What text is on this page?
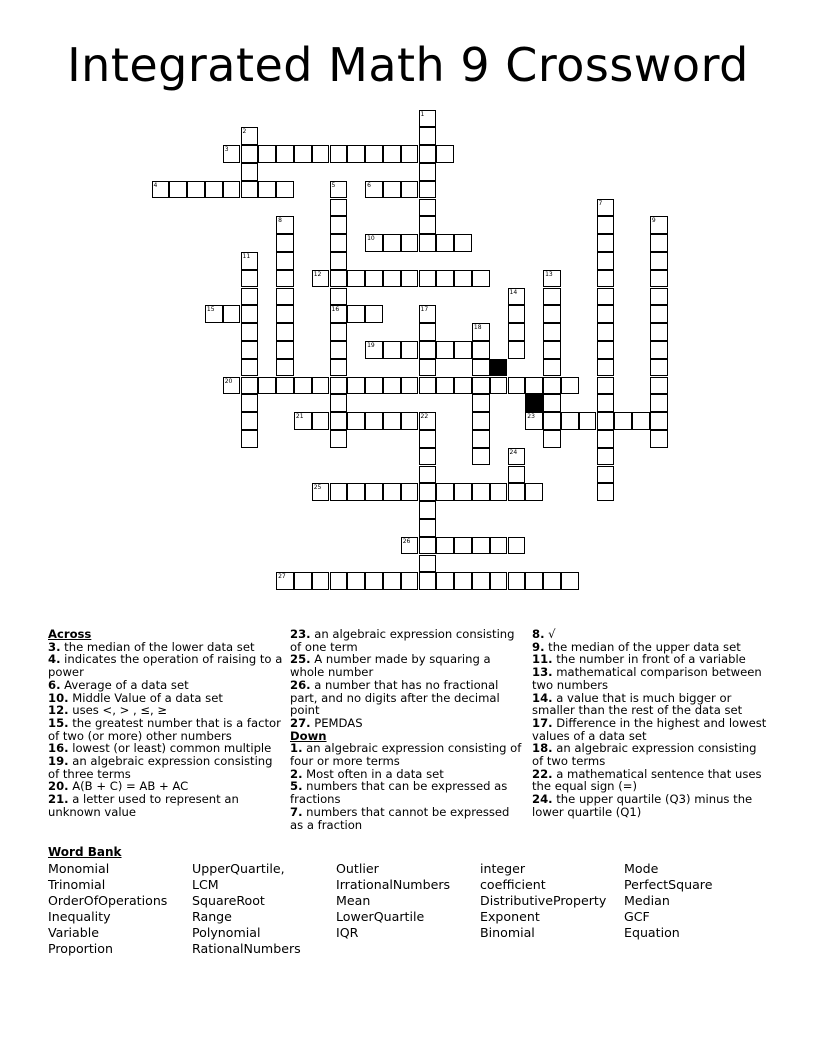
Integrated Math 9 Crossword
1
2
3
4	5	6
7
8	9
10
11
12	13
14
15	16	17
18
19
20
21	22	23
24
25
26
27
Across
3. the median of the lower data set
4. indicates the operation of raising to a power
6. Average of a data set
10. Middle Value of a data set
12. uses <, > , ≤, ≥
15. the greatest number that is a factor of two (or more) other numbers
16. lowest (or least) common multiple
19. an algebraic expression consisting of three terms
20. A(B + C) = AB + AC
21. a letter used to represent an unknown value
23. an algebraic expression consisting of one term
25. A number made by squaring a whole number
26. a number that has no fractional part, and no digits after the decimal point
27. PEMDAS
Down
1. an algebraic expression consisting of four or more terms
2. Most often in a data set
5. numbers that can be expressed as fractions
7. numbers that cannot be expressed as a fraction
8. √
9. the median of the upper data set
11. the number in front of a variable
13. mathematical comparison between two numbers
14. a value that is much bigger or smaller than the rest of the data set
17. Difference in the highest and lowest values of a data set
18. an algebraic expression consisting of two terms
22. a mathematical sentence that uses the equal sign (=)
24. the upper quartile (Q3) minus the lower quartile (Q1)
Word Bank
Monomial
Trinomial
OrderOfOperations
Inequality
Variable
Proportion
UpperQuartile,
LCM
SquareRoot
Range
Polynomial
RationalNumbers
Outlier
IrrationalNumbers
Mean
LowerQuartile
IQR
integer
coefficient
DistributiveProperty
Exponent
Binomial
Mode
PerfectSquare
Median
GCF
Equation
